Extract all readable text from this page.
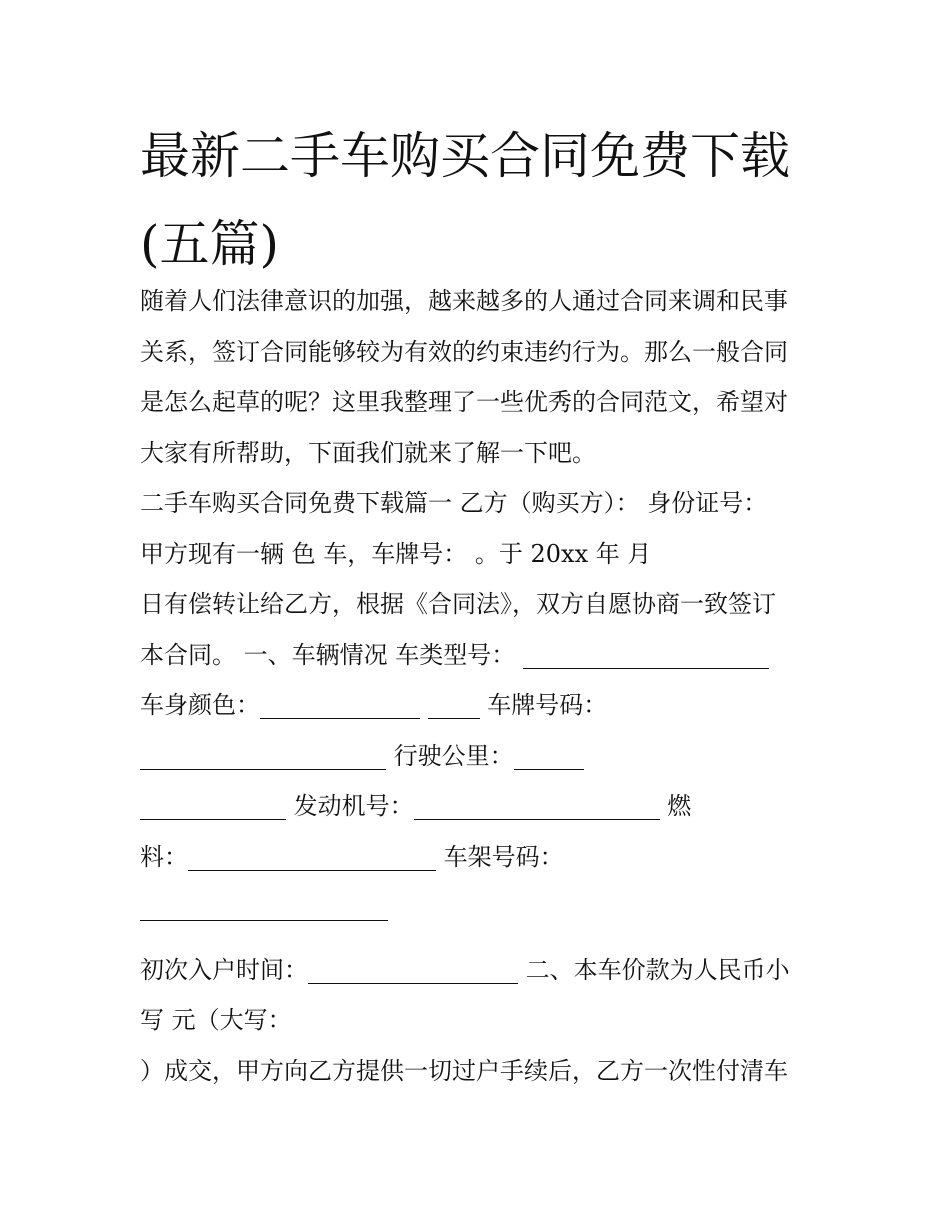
最新二手车购买合同免费下载
(五篇)
随着人们法律意识的加强，越来越多的人通过合同来调和民事
关系，签订合同能够较为有效的约束违约行为。那么一般合同
是怎么起草的呢？这里我整理了一些优秀的合同范文，希望对
大家有所帮助，下面我们就来了解一下吧。
二手车购买合同免费下载篇一 乙方（购买方）： 身份证号：
甲方现有一辆 色 车，车牌号： 。于 20xx 年 月
日有偿转让给乙方，根据《合同法》，双方自愿协商一致签订
本合同。 一、车辆情况 车类型号：
车身颜色：	车牌号码：
行驶公里：
发动机号：	燃
料：	车架号码：
初次入户时间：	二、本车价款为人民币小
写 元（大写：
）成交，甲方向乙方提供一切过户手续后，乙方一次性付清车
